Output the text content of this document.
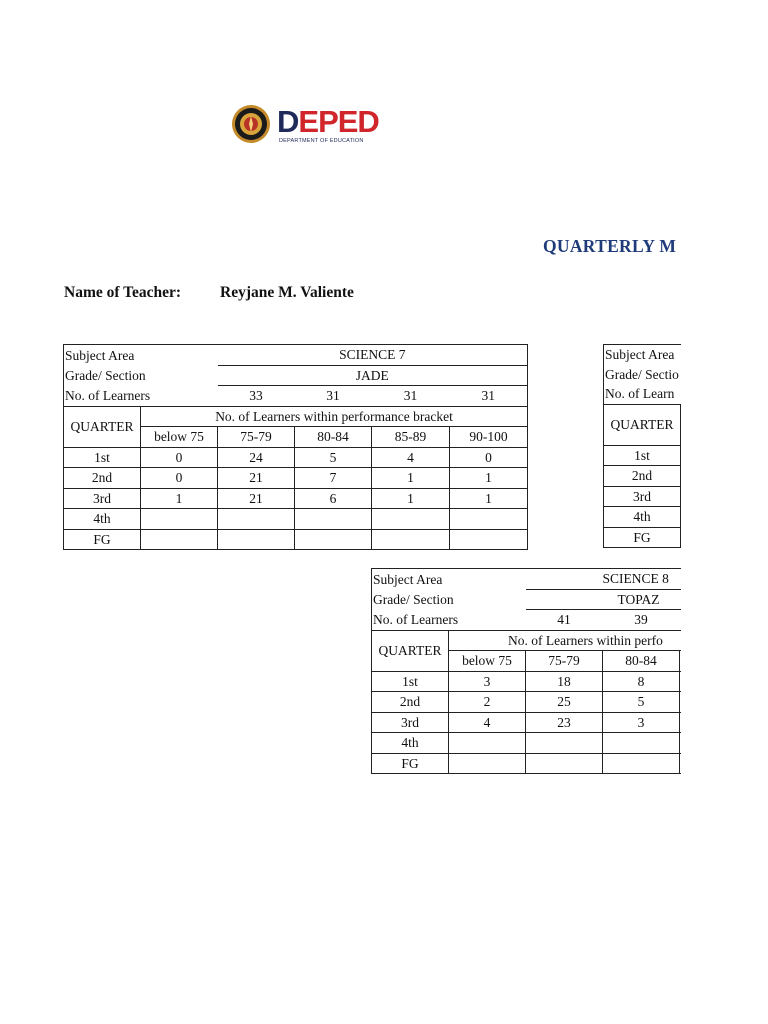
DEPED
DEPARTMENT OF EDUCATION
QUARTERLY M
Name of Teacher:	Reyjane M. Valiente
Subject Area		SCIENCE 7			
Grade/ Section		JADE			
No. of Learners		33	31	31	31
QUARTER	No. of Learners within performance bracket				
	below 75	75-79	80-84	85-89	90-100
1st	0	24	5	4	0
2nd	0	21	7	1	1
3rd	1	21	6	1	1
4th					
FG					
Subject Area	
Grade/ Sectio	
No. of Learn	
QUARTER	

1st	
2nd	
3rd	
4th	
FG	
Subject Area		SCIENCE 8		
Grade/ Section		TOPAZ		
No. of Learners		41	39	
QUARTER	No. of Learners within perfo			
	below 75	75-79	80-84	
1st	3	18	8	
2nd	2	25	5	
3rd	4	23	3	
4th				
FG				
